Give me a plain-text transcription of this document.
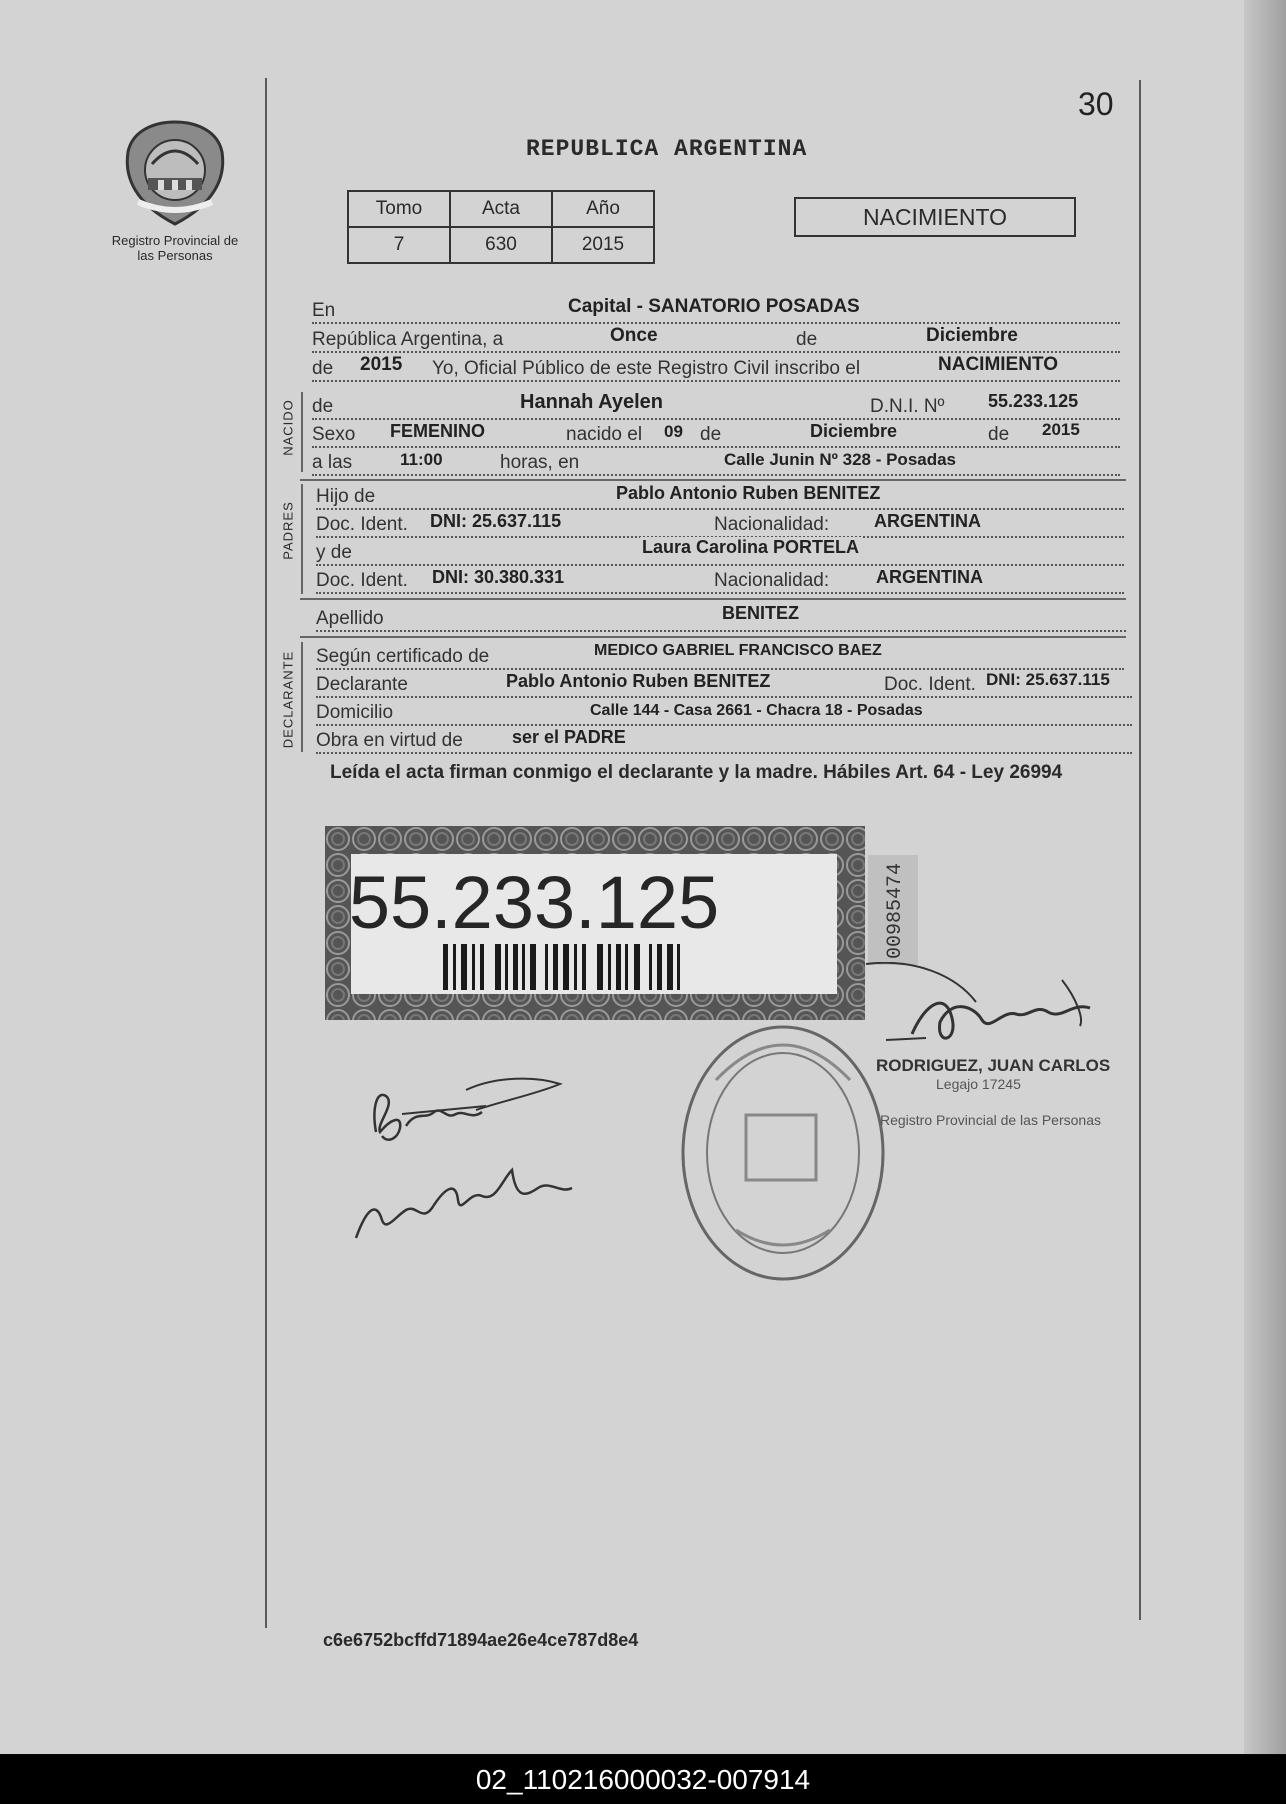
30
REPUBLICA ARGENTINA
Registro Provincial de las Personas
Tomo	Acta	Año
7	630	2015
NACIMIENTO
En	Capital - SANATORIO POSADAS
República Argentina, a	Once	de	Diciembre
de 2015 Yo, Oficial Público de este Registro Civil inscribo el	NACIMIENTO
NACIDO de	Hannah Ayelen	D.N.I. Nº 55.233.125
Sexo FEMENINO	nacido el 09 de	Diciembre	de 2015
a las	11:00	horas, en	Calle Junin Nº 328 - Posadas
PADRES
Hijo de	Pablo Antonio Ruben BENITEZ
Doc. Ident. DNI: 25.637.115	Nacionalidad: ARGENTINA
y de	Laura Carolina PORTELA
Doc. Ident. DNI: 30.380.331	Nacionalidad:	ARGENTINA
Apellido	BENITEZ
DECLARANTE Según certificado de	MEDICO GABRIEL FRANCISCO BAEZ
Declarante	Pablo Antonio Ruben BENITEZ	Doc. Ident. DNI: 25.637.115
Domicilio	Calle 144 - Casa 2661 - Chacra 18 - Posadas
Obra en virtud de	ser el PADRE
Leída el acta firman conmigo el declarante y la madre. Hábiles Art. 64 - Ley 26994
55.233.125	00985474
RODRIGUEZ, JUAN CARLOS
Legajo 17245
Registro Provincial de las Personas
c6e6752bcffd71894ae26e4ce787d8e4
02_110216000032-007914
